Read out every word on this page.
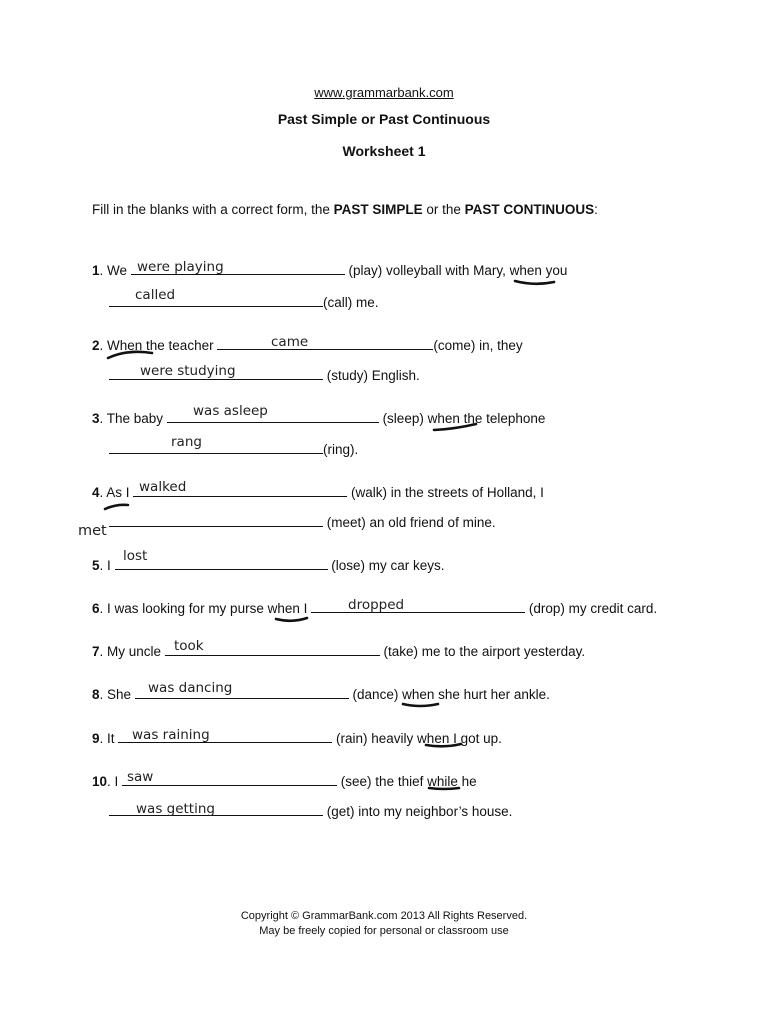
www.grammarbank.com
Past Simple or Past Continuous
Worksheet 1
Fill in the blanks with a correct form, the PAST SIMPLE or the PAST CONTINUOUS:
1. We	(play) volleyball with Mary, when you
(call) me.
were playing
called
2. When the teacher	(come) in, they
(study) English.
came
were studying
3. The baby	(sleep) when the telephone
(ring).
was asleep
rang
4. As I	(walk) in the streets of Holland, I
(meet) an old friend of mine.
walked
met
5. I	(lose) my car keys.
lost
6. I was looking for my purse when I	(drop) my credit card.
dropped
7. My uncle	(take) me to the airport yesterday.
took
8. She	(dance) when she hurt her ankle.
was dancing
9. It	(rain) heavily when I got up.
was raining
10. I	(see) the thief while he
(get) into my neighbor’s house.
saw
was getting
Copyright © GrammarBank.com 2013 All Rights Reserved.
May be freely copied for personal or classroom use
